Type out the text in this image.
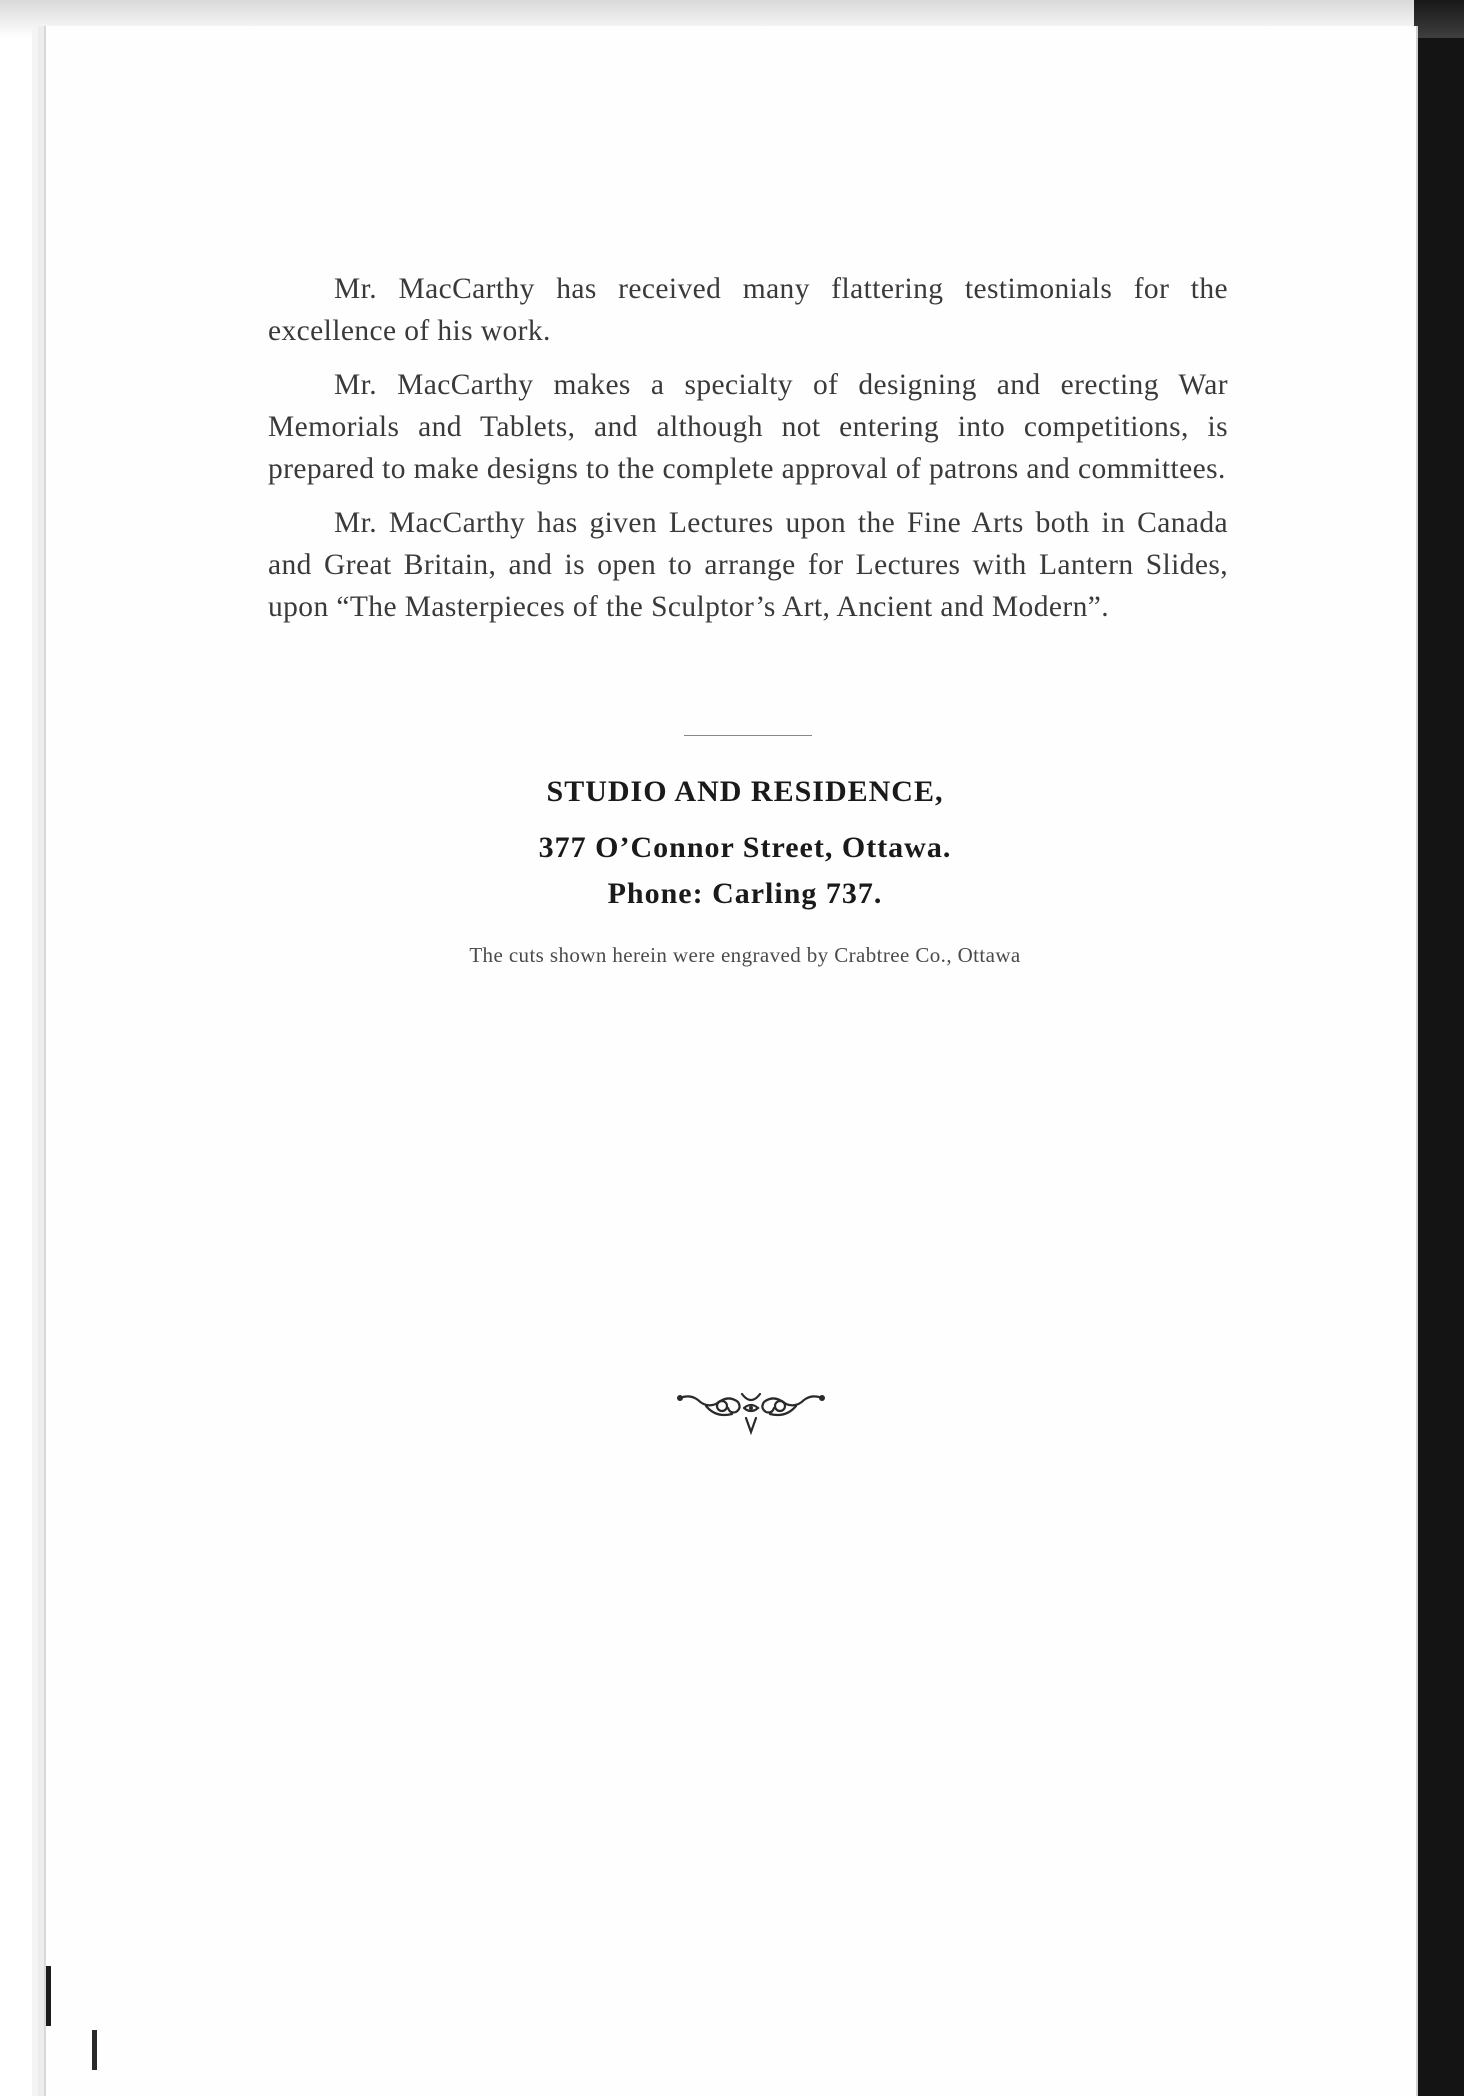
Mr. MacCarthy has received many flattering testimonials for the excellence of his work.

Mr. MacCarthy makes a specialty of designing and erecting War Memorials and Tablets, and although not entering into competitions, is prepared to make designs to the complete approval of patrons and committees.

Mr. MacCarthy has given Lectures upon the Fine Arts both in Canada and Great Britain, and is open to arrange for Lectures with Lantern Slides, upon “The Masterpieces of the Sculptor’s Art, Ancient and Modern”.

STUDIO AND RESIDENCE,
377 O’Connor Street, Ottawa.
Phone: Carling 737.
The cuts shown herein were engraved by Crabtree Co., Ottawa
